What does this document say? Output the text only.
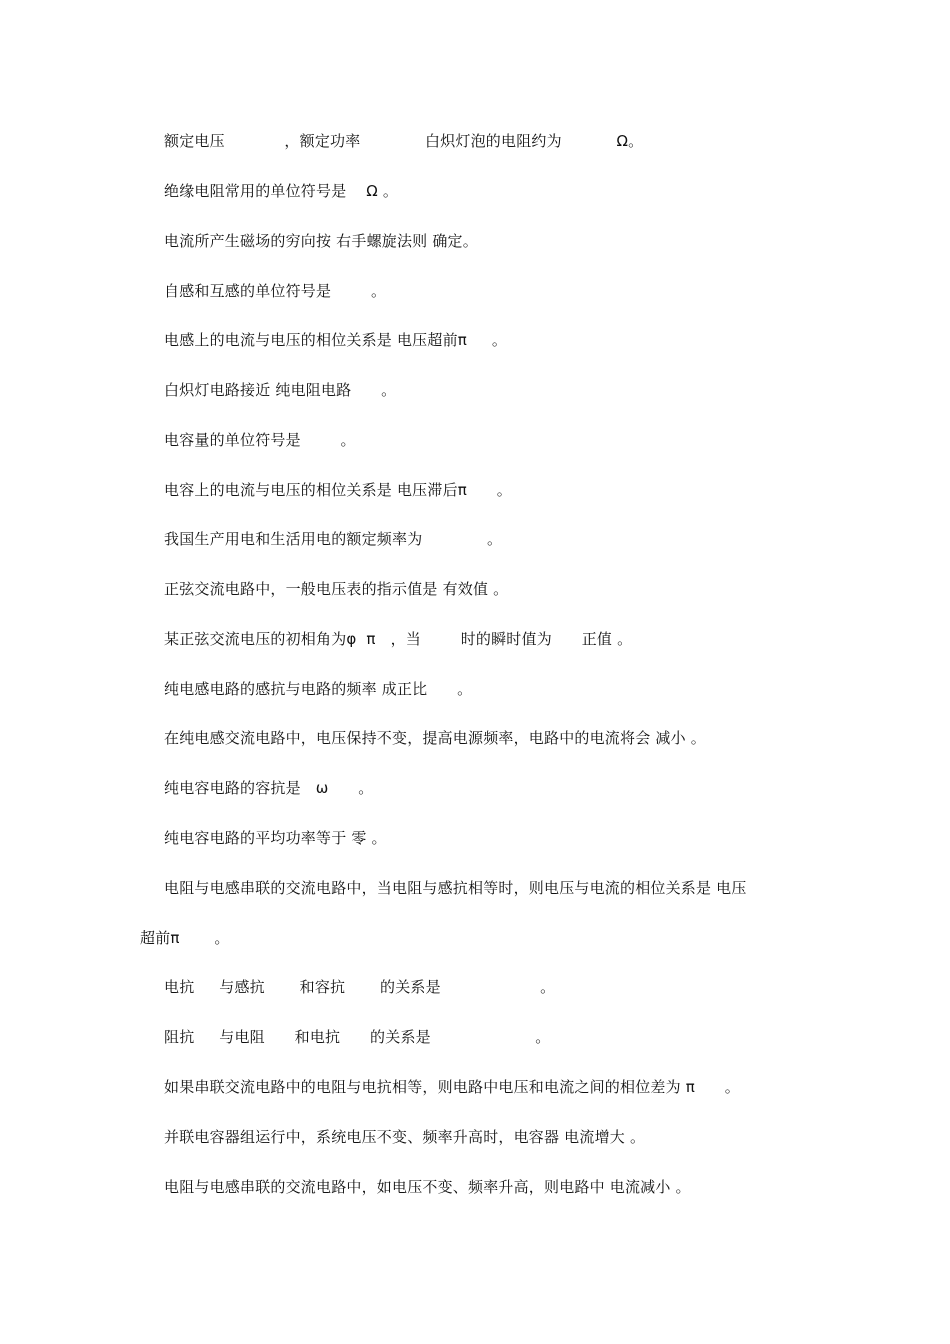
额定电压            ，额定功率             白炽灯泡的电阻约为           Ω。
绝缘电阻常用的单位符号是    Ω 。
电流所产生磁场的穷向按 右手螺旋法则 确定。
自感和互感的单位符号是        。
电感上的电流与电压的相位关系是 电压超前π     。
白炽灯电路接近 纯电阻电路      。
电容量的单位符号是        。
电容上的电流与电压的相位关系是 电压滞后π      。
我国生产用电和生活用电的额定频率为             。
正弦交流电路中，一般电压表的指示值是 有效值 。
某正弦交流电压的初相角为φ  π   ，当        时的瞬时值为      正值 。
纯电感电路的感抗与电路的频率 成正比      。
在纯电感交流电路中，电压保持不变，提高电源频率，电路中的电流将会 减小 。
纯电容电路的容抗是   ω      。
纯电容电路的平均功率等于 零 。
电阻与电感串联的交流电路中，当电阻与感抗相等时，则电压与电流的相位关系是 电压
超前π       。
电抗     与感抗       和容抗       的关系是                    。
阻抗     与电阻      和电抗      的关系是                     。
如果串联交流电路中的电阻与电抗相等，则电路中电压和电流之间的相位差为 π      。
并联电容器组运行中，系统电压不变、频率升高时，电容器 电流增大 。
电阻与电感串联的交流电路中，如电压不变、频率升高，则电路中 电流减小 。
